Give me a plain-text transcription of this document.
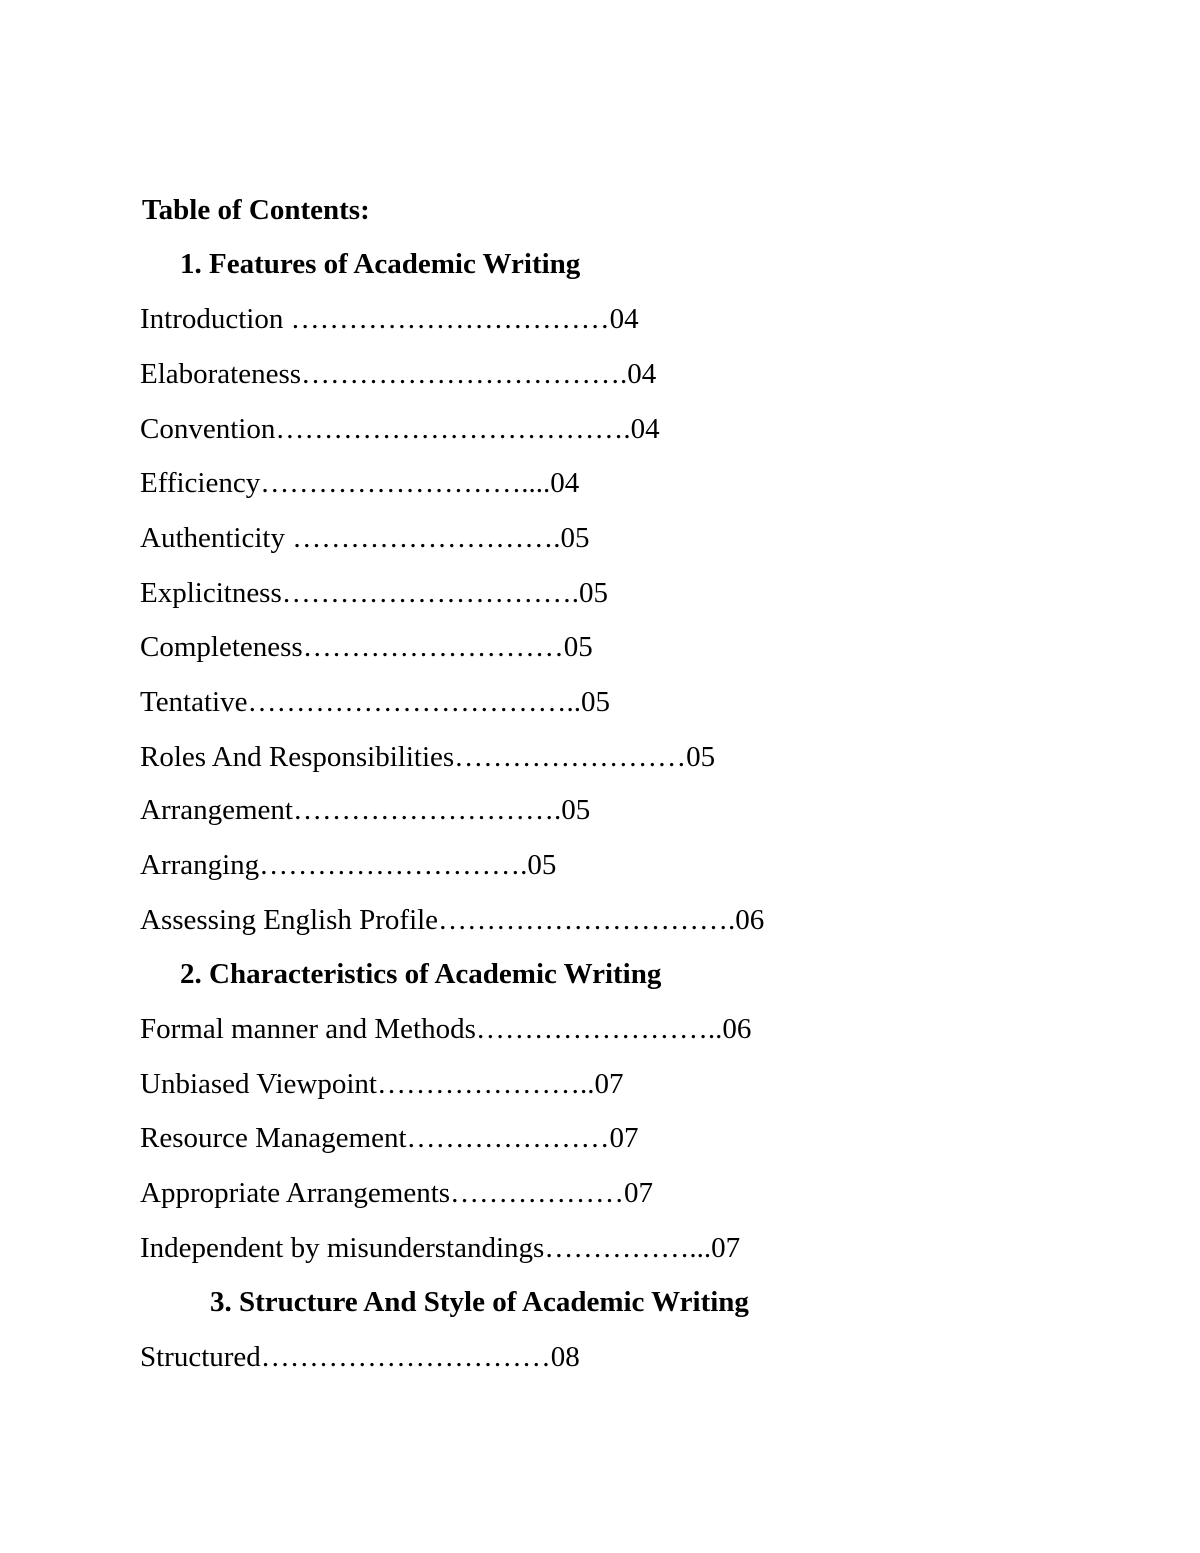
Table of Contents:
1. Features of Academic Writing
Introduction ……………………………04
Elaborateness…………………………….04
Convention……………………………….04
Efficiency………………………....04
Authenticity ……………………….05
Explicitness………………………….05
Completeness………………………05
Tentative……………………………..05
Roles And Responsibilities……………………05
Arrangement……………………….05
Arranging……………………….05
Assessing English Profile………………………….06
2. Characteristics of Academic Writing
Formal manner and Methods……………………..06
Unbiased Viewpoint…………………..07
Resource Management…………………07
Appropriate Arrangements………………07
Independent by misunderstandings……………...07
3. Structure And Style of Academic Writing
Structured…………………………08
